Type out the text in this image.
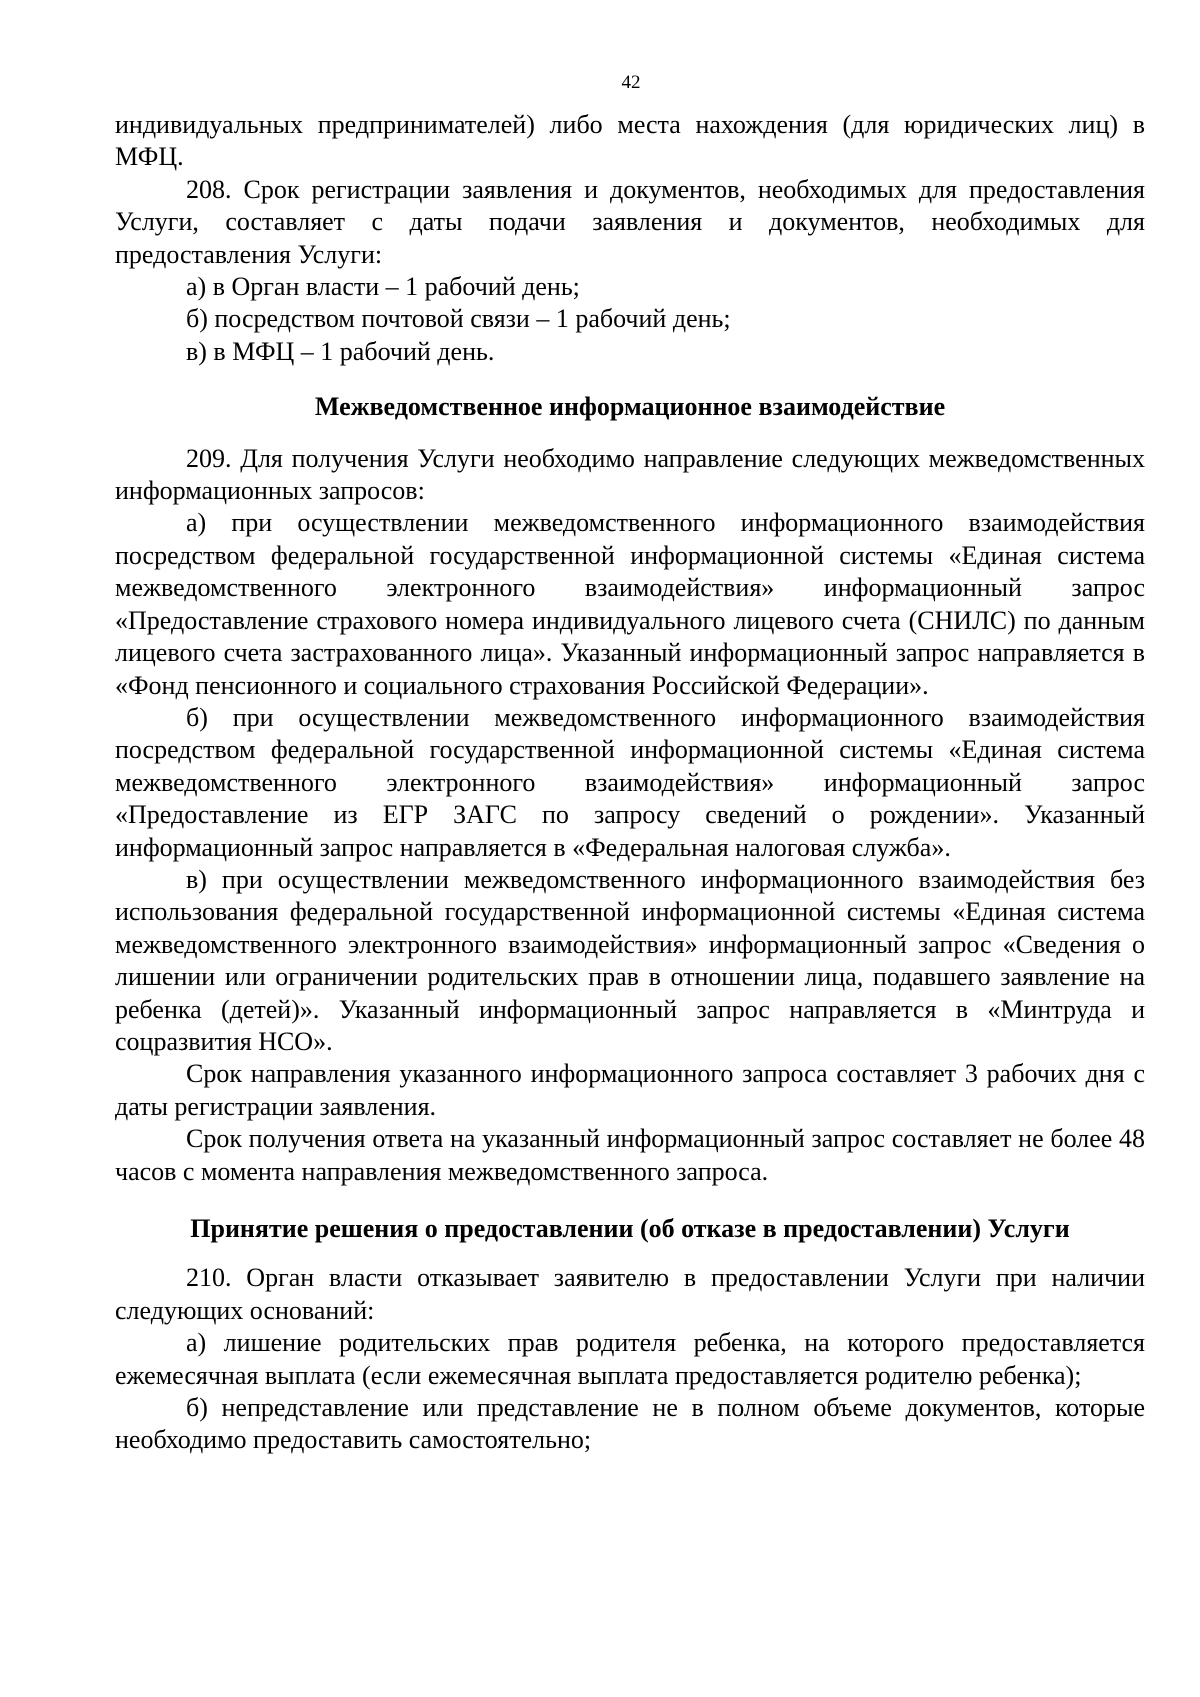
42

индивидуальных предпринимателей) либо места нахождения (для юридических лиц) в МФЦ.

208. Срок регистрации заявления и документов, необходимых для предоставления Услуги, составляет с даты подачи заявления и документов, необходимых для предоставления Услуги:

а) в Орган власти – 1 рабочий день;

б) посредством почтовой связи – 1 рабочий день;

в) в МФЦ – 1 рабочий день.

Межведомственное информационное взаимодействие

209. Для получения Услуги необходимо направление следующих межведомственных информационных запросов:

а) при осуществлении межведомственного информационного взаимодействия посредством федеральной государственной информационной системы «Единая система межведомственного электронного взаимодействия» информационный запрос «Предоставление страхового номера индивидуального лицевого счета (СНИЛС) по данным лицевого счета застрахованного лица». Указанный информационный запрос направляется в «Фонд пенсионного и социального страхования Российской Федерации».

б) при осуществлении межведомственного информационного взаимодействия посредством федеральной государственной информационной системы «Единая система межведомственного электронного взаимодействия» информационный запрос «Предоставление из ЕГР ЗАГС по запросу сведений о рождении». Указанный информационный запрос направляется в «Федеральная налоговая служба».

в) при осуществлении межведомственного информационного взаимодействия без использования федеральной государственной информационной системы «Единая система межведомственного электронного взаимодействия» информационный запрос «Сведения о лишении или ограничении родительских прав в отношении лица, подавшего заявление на ребенка (детей)». Указанный информационный запрос направляется в «Минтруда и соцразвития НСО».

Срок направления указанного информационного запроса составляет 3 рабочих дня с даты регистрации заявления.

Срок получения ответа на указанный информационный запрос составляет не более 48 часов с момента направления межведомственного запроса.

Принятие решения о предоставлении (об отказе в предоставлении) Услуги

210. Орган власти отказывает заявителю в предоставлении Услуги при наличии следующих оснований:

а) лишение родительских прав родителя ребенка, на которого предоставляется ежемесячная выплата (если ежемесячная выплата предоставляется родителю ребенка);

б) непредставление или представление не в полном объеме документов, которые необходимо предоставить самостоятельно;
